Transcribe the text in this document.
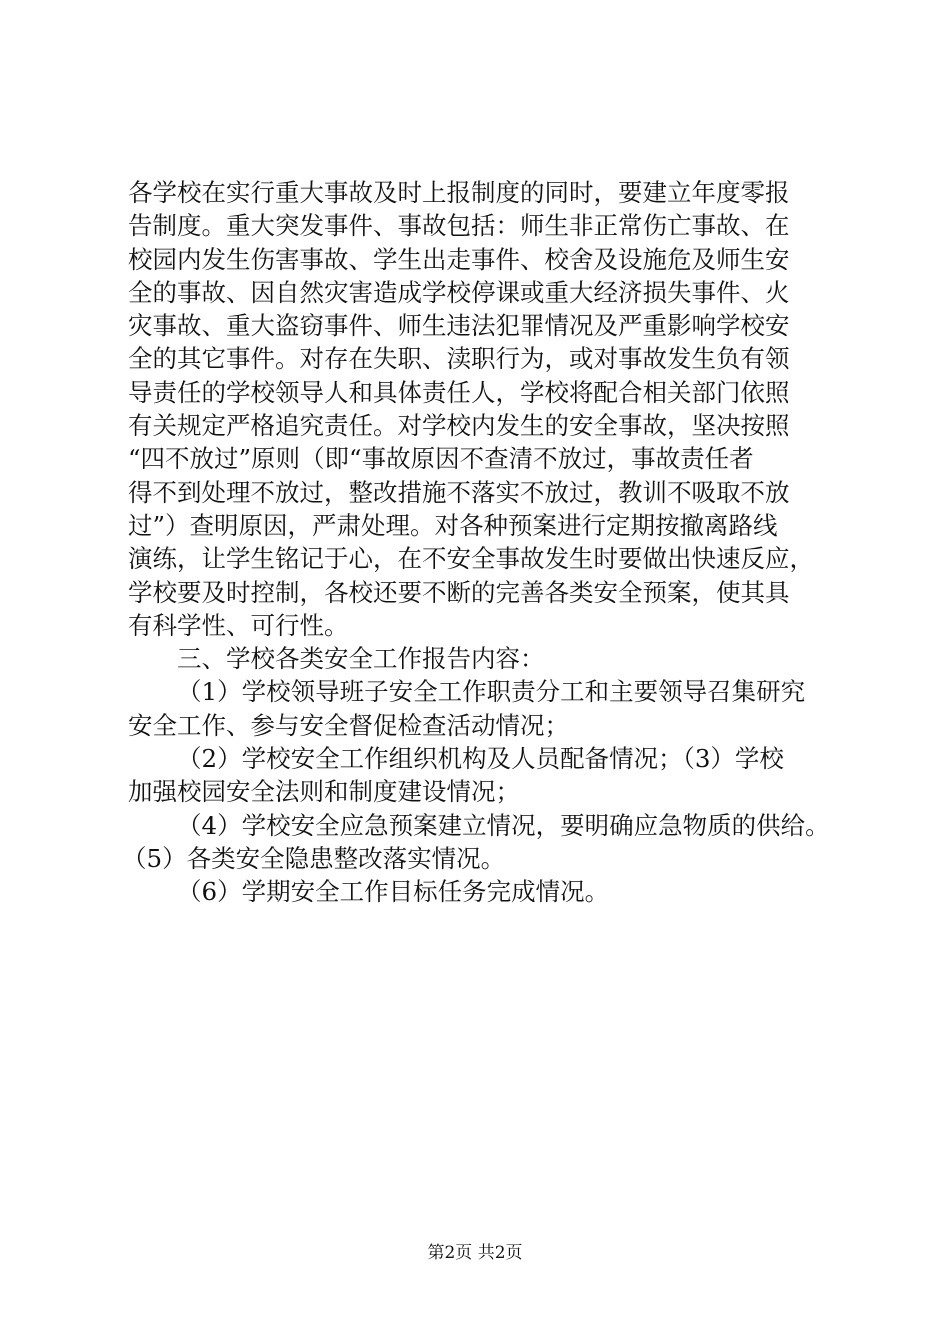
各学校在实行重大事故及时上报制度的同时，要建立年度零报
告制度。重大突发事件、事故包括：师生非正常伤亡事故、在
校园内发生伤害事故、学生出走事件、校舍及设施危及师生安
全的事故、因自然灾害造成学校停课或重大经济损失事件、火
灾事故、重大盗窃事件、师生违法犯罪情况及严重影响学校安
全的其它事件。对存在失职、渎职行为，或对事故发生负有领
导责任的学校领导人和具体责任人，学校将配合相关部门依照
有关规定严格追究责任。对学校内发生的安全事故，坚决按照
“四不放过”原则（即“事故原因不查清不放过，事故责任者
得不到处理不放过，整改措施不落实不放过，教训不吸取不放
过”）查明原因，严肃处理。对各种预案进行定期按撤离路线
演练，让学生铭记于心，在不安全事故发生时要做出快速反应，
学校要及时控制，各校还要不断的完善各类安全预案，使其具
有科学性、可行性。
三、学校各类安全工作报告内容：
（1）学校领导班子安全工作职责分工和主要领导召集研究
安全工作、参与安全督促检查活动情况；
（2）学校安全工作组织机构及人员配备情况；（3）学校
加强校园安全法则和制度建设情况；
（4）学校安全应急预案建立情况，要明确应急物质的供给。
（5）各类安全隐患整改落实情况。
（6）学期安全工作目标任务完成情况。
第2页 共2页
